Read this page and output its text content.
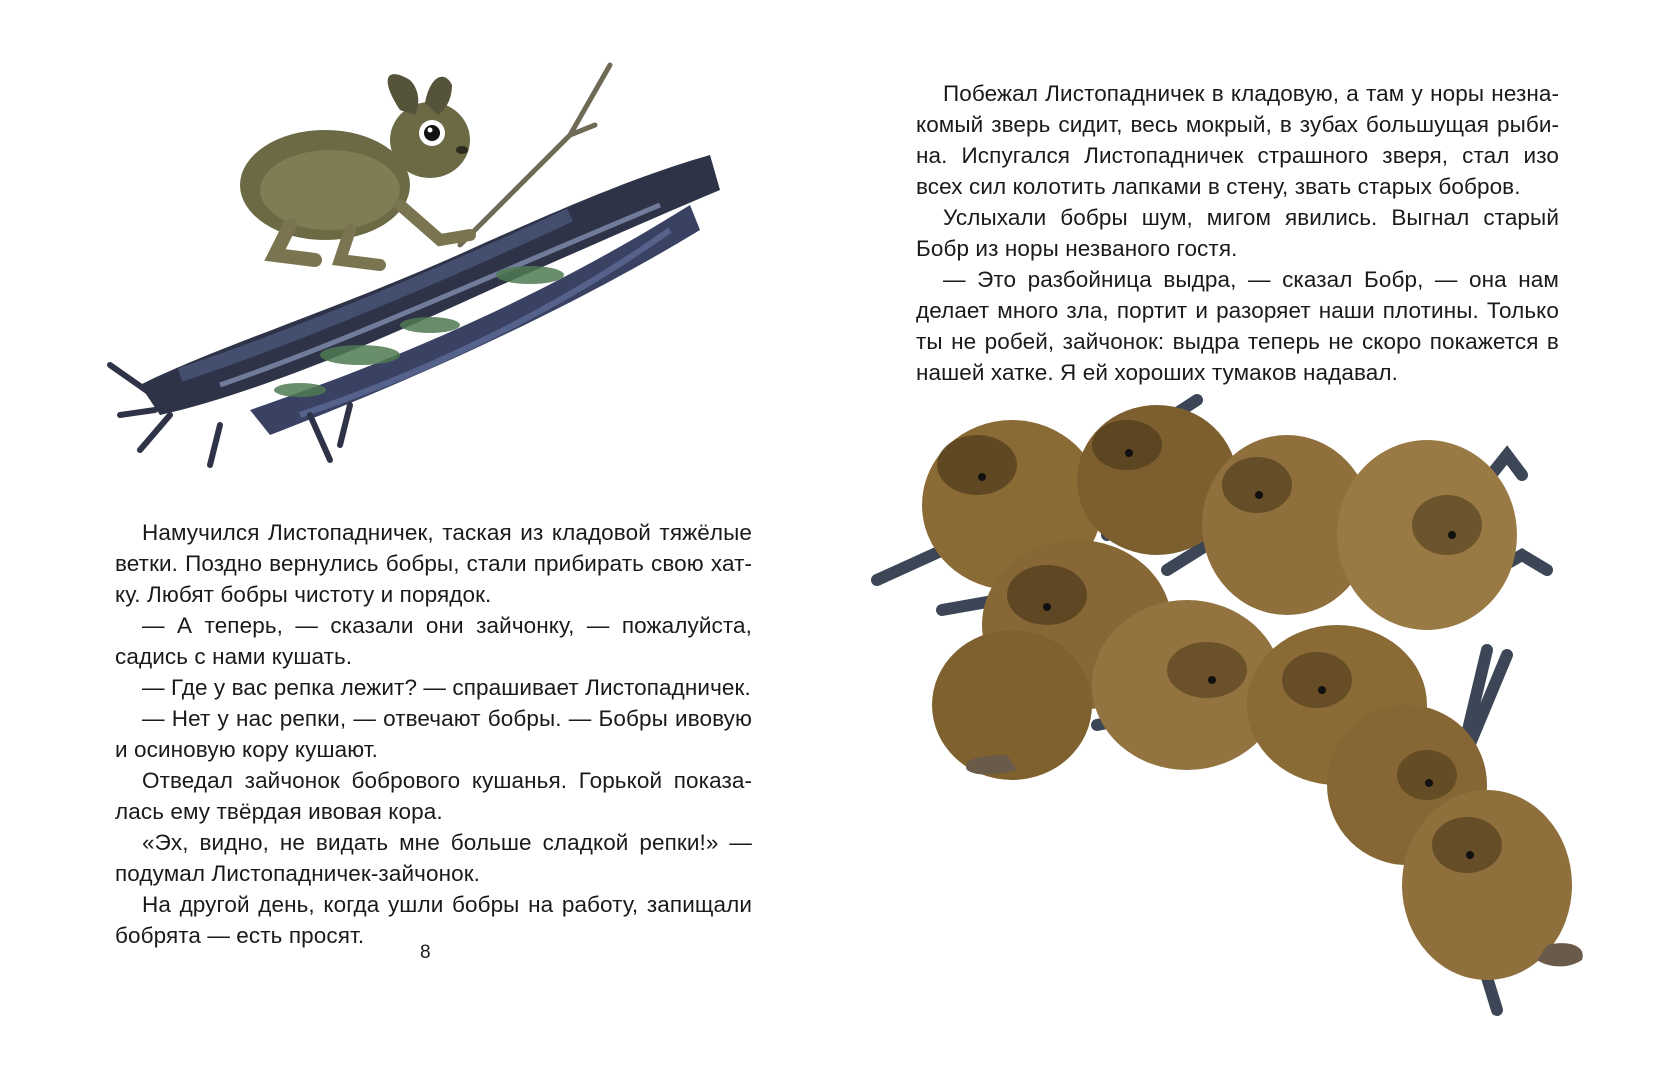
Намучился Листопадничек, таская из кладовой тяжёлые ветки. Поздно вернулись бобры, стали прибирать свою хатку. Любят бобры чистоту и порядок.

— А теперь, — сказали они зайчонку, — пожалуйста, садись с нами кушать.

— Где у вас репка лежит? — спрашивает Листопадничек.

— Нет у нас репки, — отвечают бобры. — Бобры ивовую и осиновую кору кушают.

Отведал зайчонок бобрового кушанья. Горькой показалась ему твёрдая ивовая кора.

«Эх, видно, не видать мне больше сладкой репки!» — подумал Листопадничек-зайчонок.

На другой день, когда ушли бобры на работу, запищали бобрята — есть просят.

8

Побежал Листопадничек в кладовую, а там у норы незнакомый зверь сидит, весь мокрый, в зубах большущая рыбина. Испугался Листопадничек страшного зверя, стал изо всех сил колотить лапками в стену, звать старых бобров.

Услыхали бобры шум, мигом явились. Выгнал старый Бобр из норы незваного гостя.

— Это разбойница выдра, — сказал Бобр, — она нам делает много зла, портит и разоряет наши плотины. Только ты не робей, зайчонок: выдра теперь не скоро покажется в нашей хатке. Я ей хороших тумаков надавал.
